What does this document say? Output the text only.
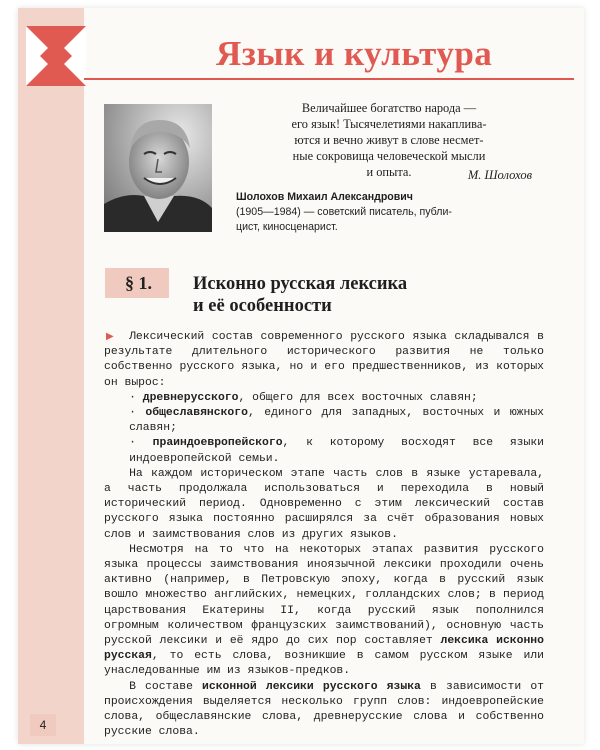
Язык и культура
Величайшее богатство народа —
его язык! Тысячелетиями накаплива-
ются и вечно живут в слове несмет-
ные сокровища человеческой мысли
и опыта.	М. Шолохов
Шолохов Михаил Александрович
(1905—1984) — советский писатель, публи-
цист, киносценарист.
§ 1.	Исконно русская лексика
и её особенности
▶	Лексический состав современного русского языка складывался в результате длительного исторического развития не только собственно русского языка, но и его предшественников, из которых он вырос:

· древнерусского, общего для всех восточных славян;

· общеславянского, единого для западных, восточных и южных славян;

· праиндоевропейского, к которому восходят все языки индоевропейской семьи.

На каждом историческом этапе часть слов в языке устаревала, а часть продолжала использоваться и переходила в новый исторический период. Одновременно с этим лексический состав русского языка постоянно расширялся за счёт образования новых слов и заимствования слов из других языков.

Несмотря на то что на некоторых этапах развития русского языка процессы заимствования иноязычной лексики проходили очень активно (например, в Петровскую эпоху, когда в русский язык вошло множество английских, немецких, голландских слов; в период царствования Екатерины II, когда русский язык пополнился огромным количеством французских заимствований), основную часть русской лексики и её ядро до сих пор составляет лексика исконно русская, то есть слова, возникшие в самом русском языке или унаследованные им из языков-предков.

В составе исконной лексики русского языка в зависимости от происхождения выделяется несколько групп слов: индоевропейские слова, общеславянские слова, древнерусские слова и собственно русские слова.

4
